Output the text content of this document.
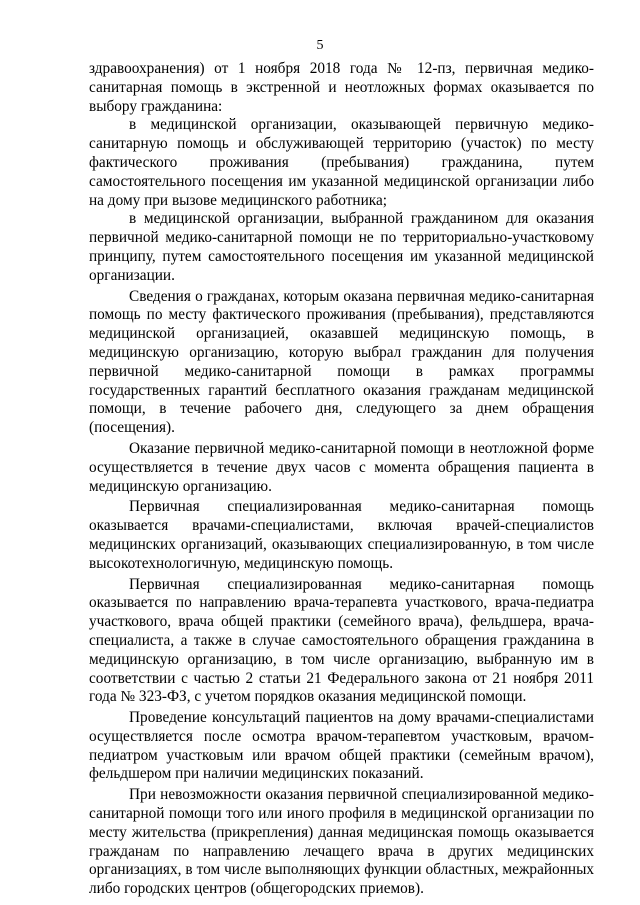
5

здравоохранения) от 1 ноября 2018 года № 12-пз, первичная медико-санитарная помощь в экстренной и неотложных формах оказывается по выбору гражданина:

в медицинской организации, оказывающей первичную медико-санитарную помощь и обслуживающей территорию (участок) по месту фактического проживания (пребывания) гражданина, путем самостоятельного посещения им указанной медицинской организации либо на дому при вызове медицинского работника;

в медицинской организации, выбранной гражданином для оказания первичной медико-санитарной помощи не по территориально-участковому принципу, путем самостоятельного посещения им указанной медицинской организации.

Сведения о гражданах, которым оказана первичная медико-санитарная помощь по месту фактического проживания (пребывания), представляются медицинской организацией, оказавшей медицинскую помощь, в медицинскую организацию, которую выбрал гражданин для получения первичной медико-санитарной помощи в рамках программы государственных гарантий бесплатного оказания гражданам медицинской помощи, в течение рабочего дня, следующего за днем обращения (посещения).

Оказание первичной медико-санитарной помощи в неотложной форме осуществляется в течение двух часов с момента обращения пациента в медицинскую организацию.

Первичная специализированная медико-санитарная помощь оказывается врачами-специалистами, включая врачей-специалистов медицинских организаций, оказывающих специализированную, в том числе высокотехнологичную, медицинскую помощь.

Первичная специализированная медико-санитарная помощь оказывается по направлению врача-терапевта участкового, врача-педиатра участкового, врача общей практики (семейного врача), фельдшера, врача-специалиста, а также в случае самостоятельного обращения гражданина в медицинскую организацию, в том числе организацию, выбранную им в соответствии с частью 2 статьи 21 Федерального закона от 21 ноября 2011 года № 323-ФЗ, с учетом порядков оказания медицинской помощи.

Проведение консультаций пациентов на дому врачами-специалистами осуществляется после осмотра врачом-терапевтом участковым, врачом-педиатром участковым или врачом общей практики (семейным врачом), фельдшером при наличии медицинских показаний.

При невозможности оказания первичной специализированной медико-санитарной помощи того или иного профиля в медицинской организации по месту жительства (прикрепления) данная медицинская помощь оказывается гражданам по направлению лечащего врача в других медицинских организациях, в том числе выполняющих функции областных, межрайонных либо городских центров (общегородских приемов).
